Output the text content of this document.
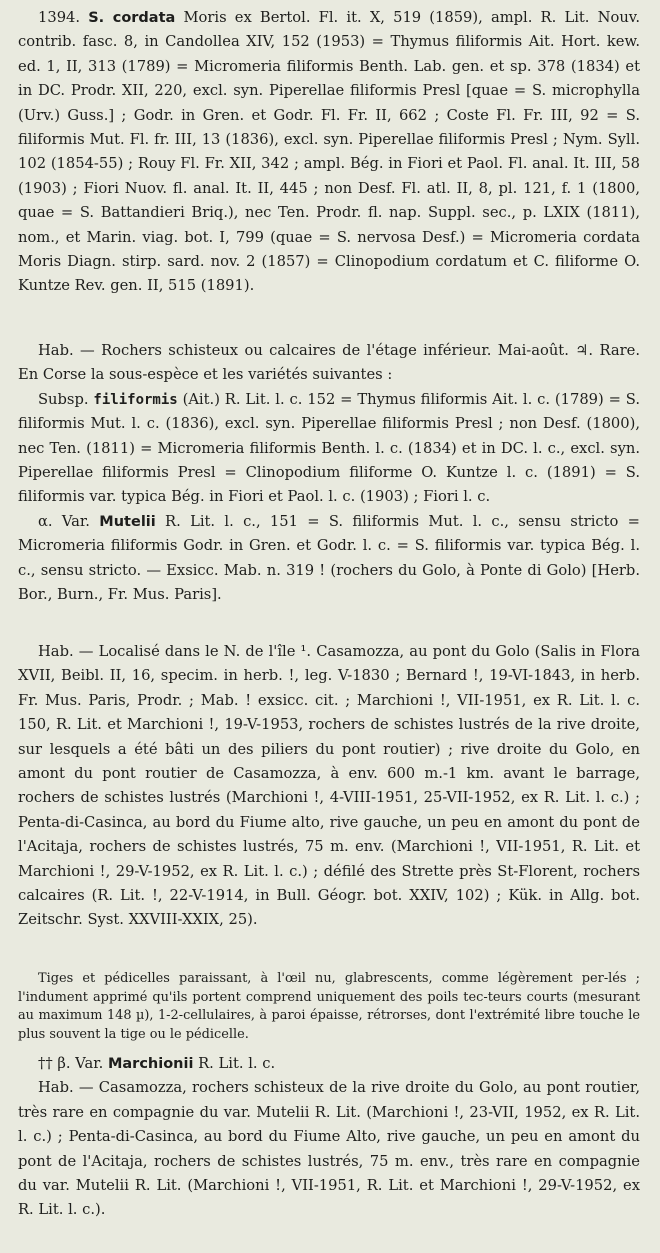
1394. S. cordata Moris ex Bertol. Fl. it. X, 519 (1859), ampl. R. Lit. Nouv. contrib. fasc. 8, in Candollea XIV, 152 (1953) = Thymus filiformis Ait. Hort. kew. ed. 1, II, 313 (1789) = Micromeria filiformis Benth. Lab. gen. et sp. 378 (1834) et in DC. Prodr. XII, 220, excl. syn. Piperellae filiformis Presl [quae = S. microphylla (Urv.) Guss.] ; Godr. in Gren. et Godr. Fl. Fr. II, 662 ; Coste Fl. Fr. III, 92 = S. filiformis Mut. Fl. fr. III, 13 (1836), excl. syn. Piperellae filiformis Presl ; Nym. Syll. 102 (1854-55) ; Rouy Fl. Fr. XII, 342 ; ampl. Bég. in Fiori et Paol. Fl. anal. It. III, 58 (1903) ; Fiori Nuov. fl. anal. It. II, 445 ; non Desf. Fl. atl. II, 8, pl. 121, f. 1 (1800, quae = S. Battandieri Briq.), nec Ten. Prodr. fl. nap. Suppl. sec., p. LXIX (1811), nom., et Marin. viag. bot. I, 799 (quae = S. nervosa Desf.) = Micromeria cordata Moris Diagn. stirp. sard. nov. 2 (1857) = Clinopodium cordatum et C. filiforme O. Kuntze Rev. gen. II, 515 (1891).

Hab. — Rochers schisteux ou calcaires de l'étage inférieur. Mai-août. ♃. Rare. En Corse la sous-espèce et les variétés suivantes :

Subsp. filiformis (Ait.) R. Lit. l. c. 152 = Thymus filiformis Ait. l. c. (1789) = S. filiformis Mut. l. c. (1836), excl. syn. Piperellae filiformis Presl ; non Desf. (1800), nec Ten. (1811) = Micromeria filiformis Benth. l. c. (1834) et in DC. l. c., excl. syn. Piperellae filiformis Presl = Clinopodium filiforme O. Kuntze l. c. (1891) = S. filiformis var. typica Bég. in Fiori et Paol. l. c. (1903) ; Fiori l. c.

α. Var. Mutelii R. Lit. l. c., 151 = S. filiformis Mut. l. c., sensu stricto = Micromeria filiformis Godr. in Gren. et Godr. l. c. = S. filiformis var. typica Bég. l. c., sensu stricto. — Exsicc. Mab. n. 319 ! (rochers du Golo, à Ponte di Golo) [Herb. Bor., Burn., Fr. Mus. Paris].

Hab. — Localisé dans le N. de l'île ¹. Casamozza, au pont du Golo (Salis in Flora XVII, Beibl. II, 16, specim. in herb. !, leg. V-1830 ; Bernard !, 19-VI-1843, in herb. Fr. Mus. Paris, Prodr. ; Mab. ! exsicc. cit. ; Marchioni !, VII-1951, ex R. Lit. l. c. 150, R. Lit. et Marchioni !, 19-V-1953, rochers de schistes lustrés de la rive droite, sur lesquels a été bâti un des piliers du pont routier) ; rive droite du Golo, en amont du pont routier de Casamozza, à env. 600 m.-1 km. avant le barrage, rochers de schistes lustrés (Marchioni !, 4-VIII-1951, 25-VII-1952, ex R. Lit. l. c.) ; Penta-di-Casinca, au bord du Fiume alto, rive gauche, un peu en amont du pont de l'Acitaja, rochers de schistes lustrés, 75 m. env. (Marchioni !, VII-1951, R. Lit. et Marchioni !, 29-V-1952, ex R. Lit. l. c.) ; défilé des Strette près St-Florent, rochers calcaires (R. Lit. !, 22-V-1914, in Bull. Géogr. bot. XXIV, 102) ; Kük. in Allg. bot. Zeitschr. Syst. XXVIII-XXIX, 25).

Tiges et pédicelles paraissant, à l'œil nu, glabrescents, comme légèrement per-lés ; l'indument apprimé qu'ils portent comprend uniquement des poils tec-teurs courts (mesurant au maximum 148 µ), 1-2-cellulaires, à paroi épaisse, rétrorses, dont l'extrémité libre touche le plus souvent la tige ou le pédicelle.

†† β. Var. Marchionii R. Lit. l. c.

Hab. — Casamozza, rochers schisteux de la rive droite du Golo, au pont routier, très rare en compagnie du var. Mutelii R. Lit. (Marchioni !, 23-VII, 1952, ex R. Lit. l. c.) ; Penta-di-Casinca, au bord du Fiume Alto, rive gauche, un peu en amont du pont de l'Acitaja, rochers de schistes lustrés, 75 m. env., très rare en compagnie du var. Mutelii R. Lit. (Marchioni !, VII-1951, R. Lit. et Marchioni !, 29-V-1952, ex R. Lit. l. c.).
